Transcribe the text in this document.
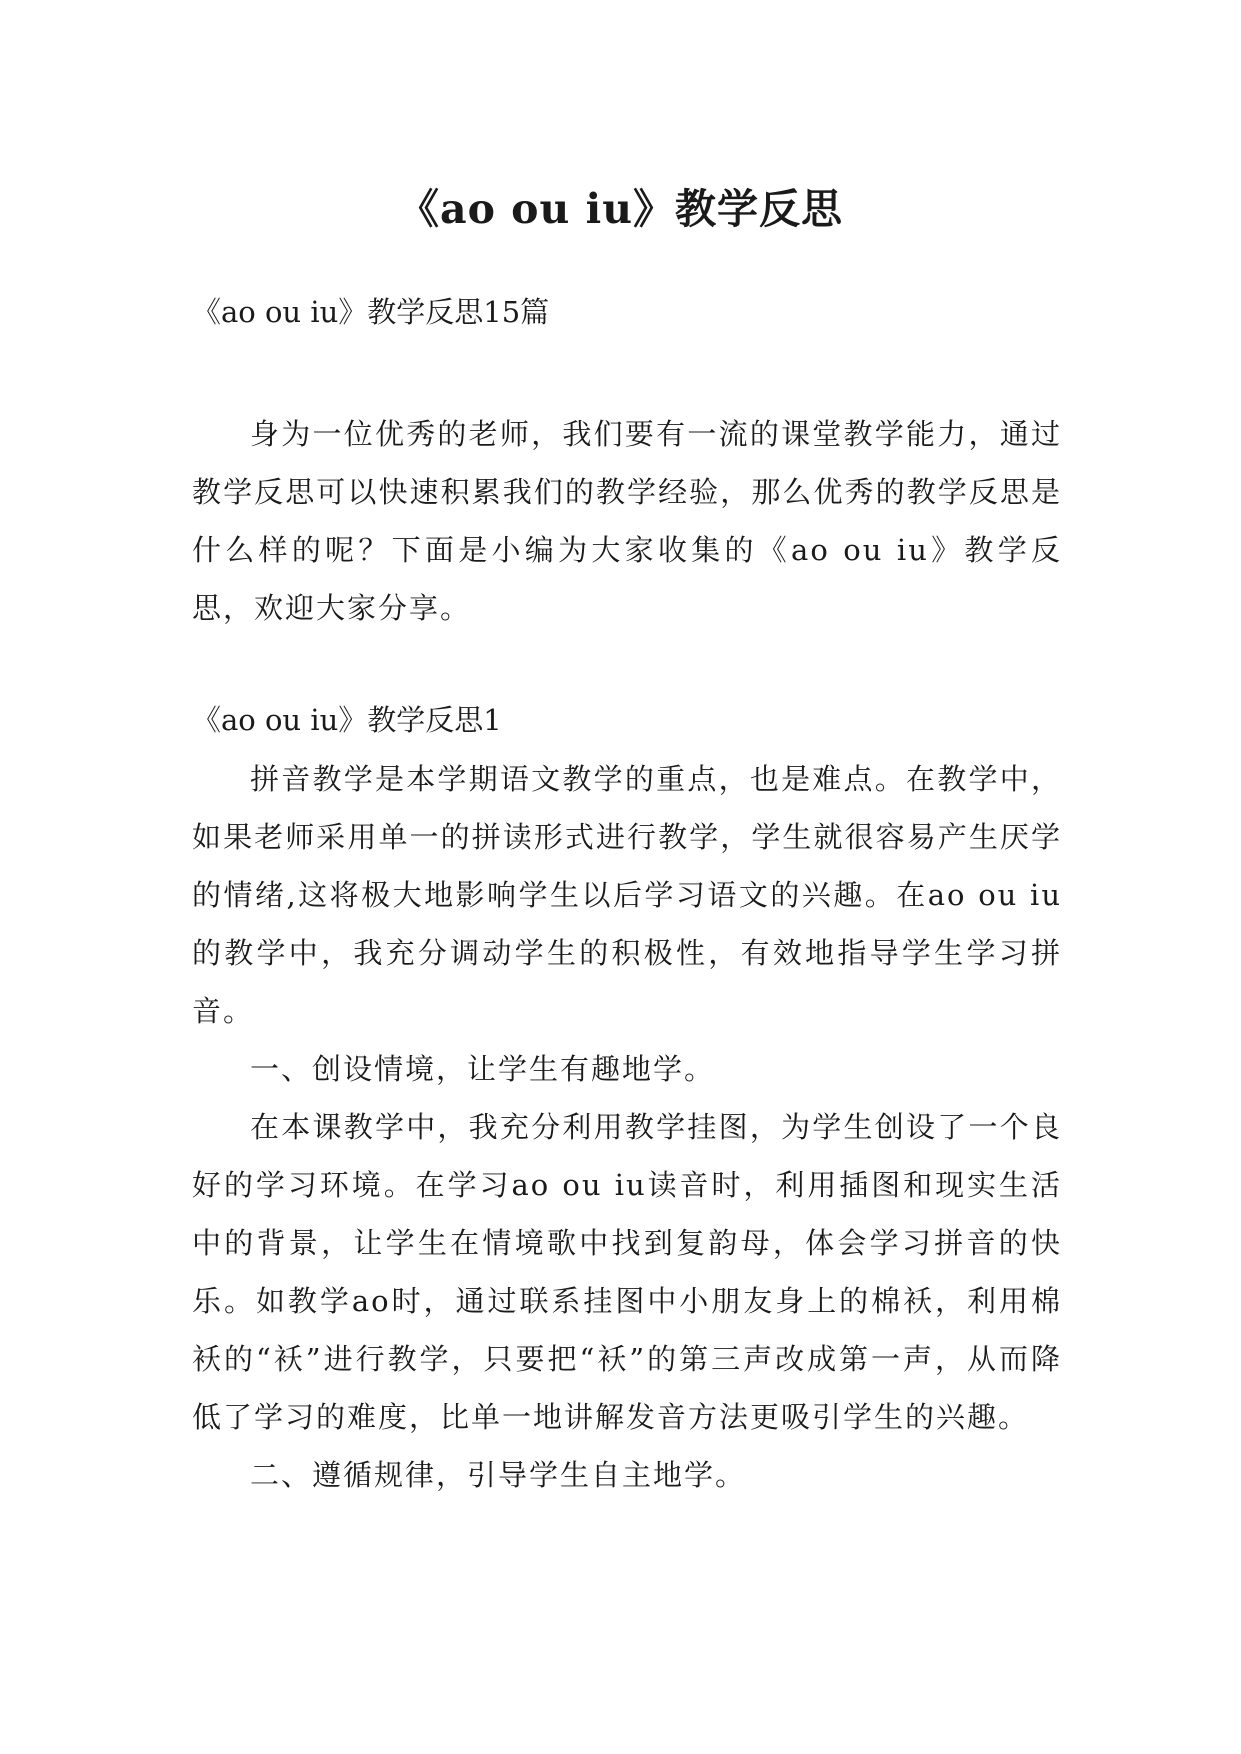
《ao ou iu》教学反思
《ao ou iu》教学反思15篇

身为一位优秀的老师，我们要有一流的课堂教学能力，通过教学反思可以快速积累我们的教学经验，那么优秀的教学反思是什么样的呢？下面是小编为大家收集的《ao ou iu》教学反思，欢迎大家分享。

《ao ou iu》教学反思1

拼音教学是本学期语文教学的重点，也是难点。在教学中，如果老师采用单一的拼读形式进行教学，学生就很容易产生厌学的情绪,这将极大地影响学生以后学习语文的兴趣。在ao ou iu的教学中，我充分调动学生的积极性，有效地指导学生学习拼音。

一、创设情境，让学生有趣地学。

在本课教学中，我充分利用教学挂图，为学生创设了一个良好的学习环境。在学习ao ou iu读音时，利用插图和现实生活中的背景，让学生在情境歌中找到复韵母，体会学习拼音的快乐。如教学ao时，通过联系挂图中小朋友身上的棉袄，利用棉袄的“袄”进行教学，只要把“袄”的第三声改成第一声，从而降低了学习的难度，比单一地讲解发音方法更吸引学生的兴趣。

二、遵循规律，引导学生自主地学。
